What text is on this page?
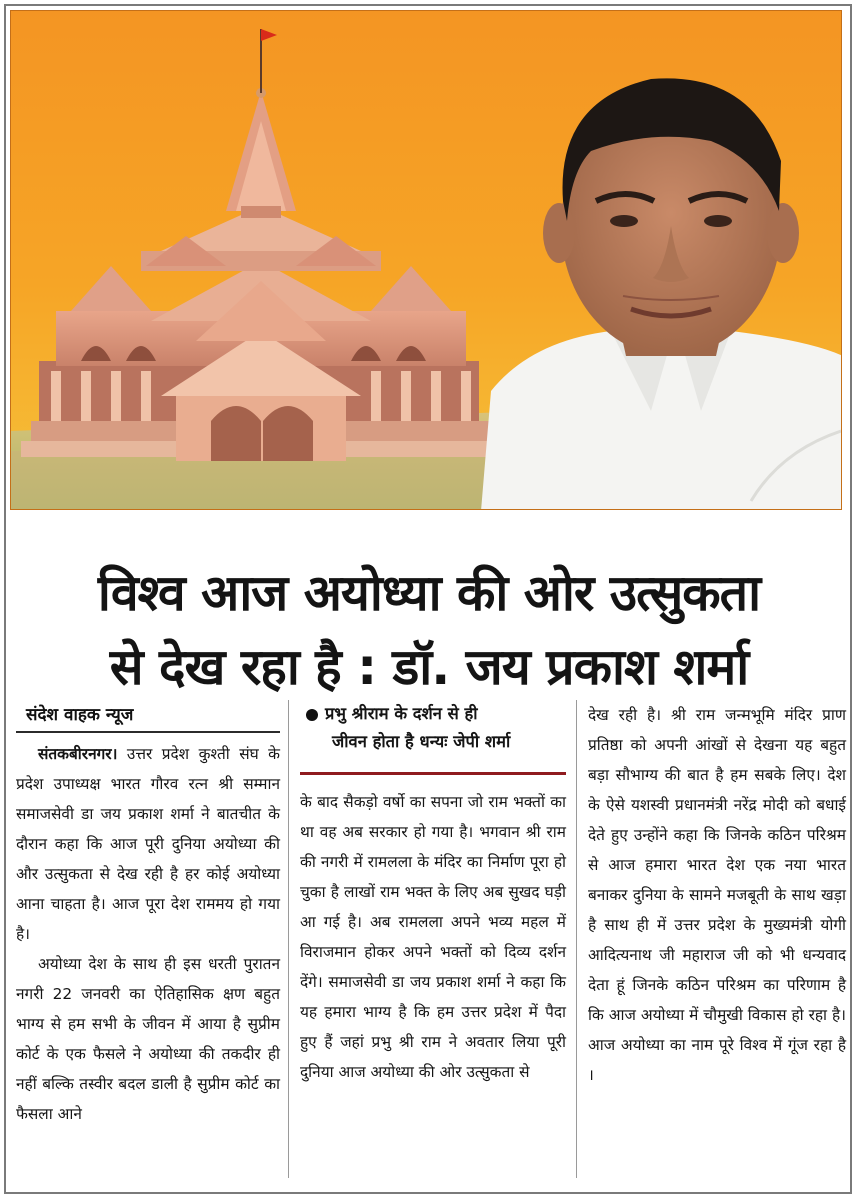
विश्व आज अयोध्या की ओर उत्सुकता
से देख रहा है : डॉ. जय प्रकाश शर्मा
संदेश वाहक न्यूज

संतकबीरनगर। उत्तर प्रदेश कुश्ती संघ के प्रदेश उपाध्यक्ष भारत गौरव रत्न श्री सम्मान समाजसेवी डा जय प्रकाश शर्मा ने बातचीत के दौरान कहा कि आज पूरी दुनिया अयोध्या की और उत्सुकता से देख रही है हर कोई अयोध्या आना चाहता है। आज पूरा देश राममय हो गया है।

अयोध्या देश के साथ ही इस धरती पुरातन नगरी 22 जनवरी का ऐतिहासिक क्षण बहुत भाग्य से हम सभी के जीवन में आया है सुप्रीम कोर्ट के एक फैसले ने अयोध्या की तकदीर ही नहीं बल्कि तस्वीर बदल डाली है सुप्रीम कोर्ट का फैसला आने

प्रभु श्रीराम के दर्शन से ही
जीवन होता है धन्यः जेपी शर्मा

के बाद सैकड़ो वर्षो का सपना जो राम भक्तों का था वह अब सरकार हो गया है। भगवान श्री राम की नगरी में रामलला के मंदिर का निर्माण पूरा हो चुका है लाखों राम भक्त के लिए अब सुखद घड़ी आ गई है। अब रामलला अपने भव्य महल में विराजमान होकर अपने भक्तों को दिव्य दर्शन देंगे। समाजसेवी डा जय प्रकाश शर्मा ने कहा कि यह हमारा भाग्य है कि हम उत्तर प्रदेश में पैदा हुए हैं जहां प्रभु श्री राम ने अवतार लिया पूरी दुनिया आज अयोध्या की ओर उत्सुकता से

देख रही है। श्री राम जन्मभूमि मंदिर प्राण प्रतिष्ठा को अपनी आंखों से देखना यह बहुत बड़ा सौभाग्य की बात है हम सबके लिए। देश के ऐसे यशस्वी प्रधानमंत्री नरेंद्र मोदी को बधाई देते हुए उन्होंने कहा कि जिनके कठिन परिश्रम से आज हमारा भारत देश एक नया भारत बनाकर दुनिया के सामने मजबूती के साथ खड़ा है साथ ही में उत्तर प्रदेश के मुख्यमंत्री योगी आदित्यनाथ जी महाराज जी को भी धन्यवाद देता हूं जिनके कठिन परिश्रम का परिणाम है कि आज अयोध्या में चौमुखी विकास हो रहा है। आज अयोध्या का नाम पूरे विश्व में गूंज रहा है ।
